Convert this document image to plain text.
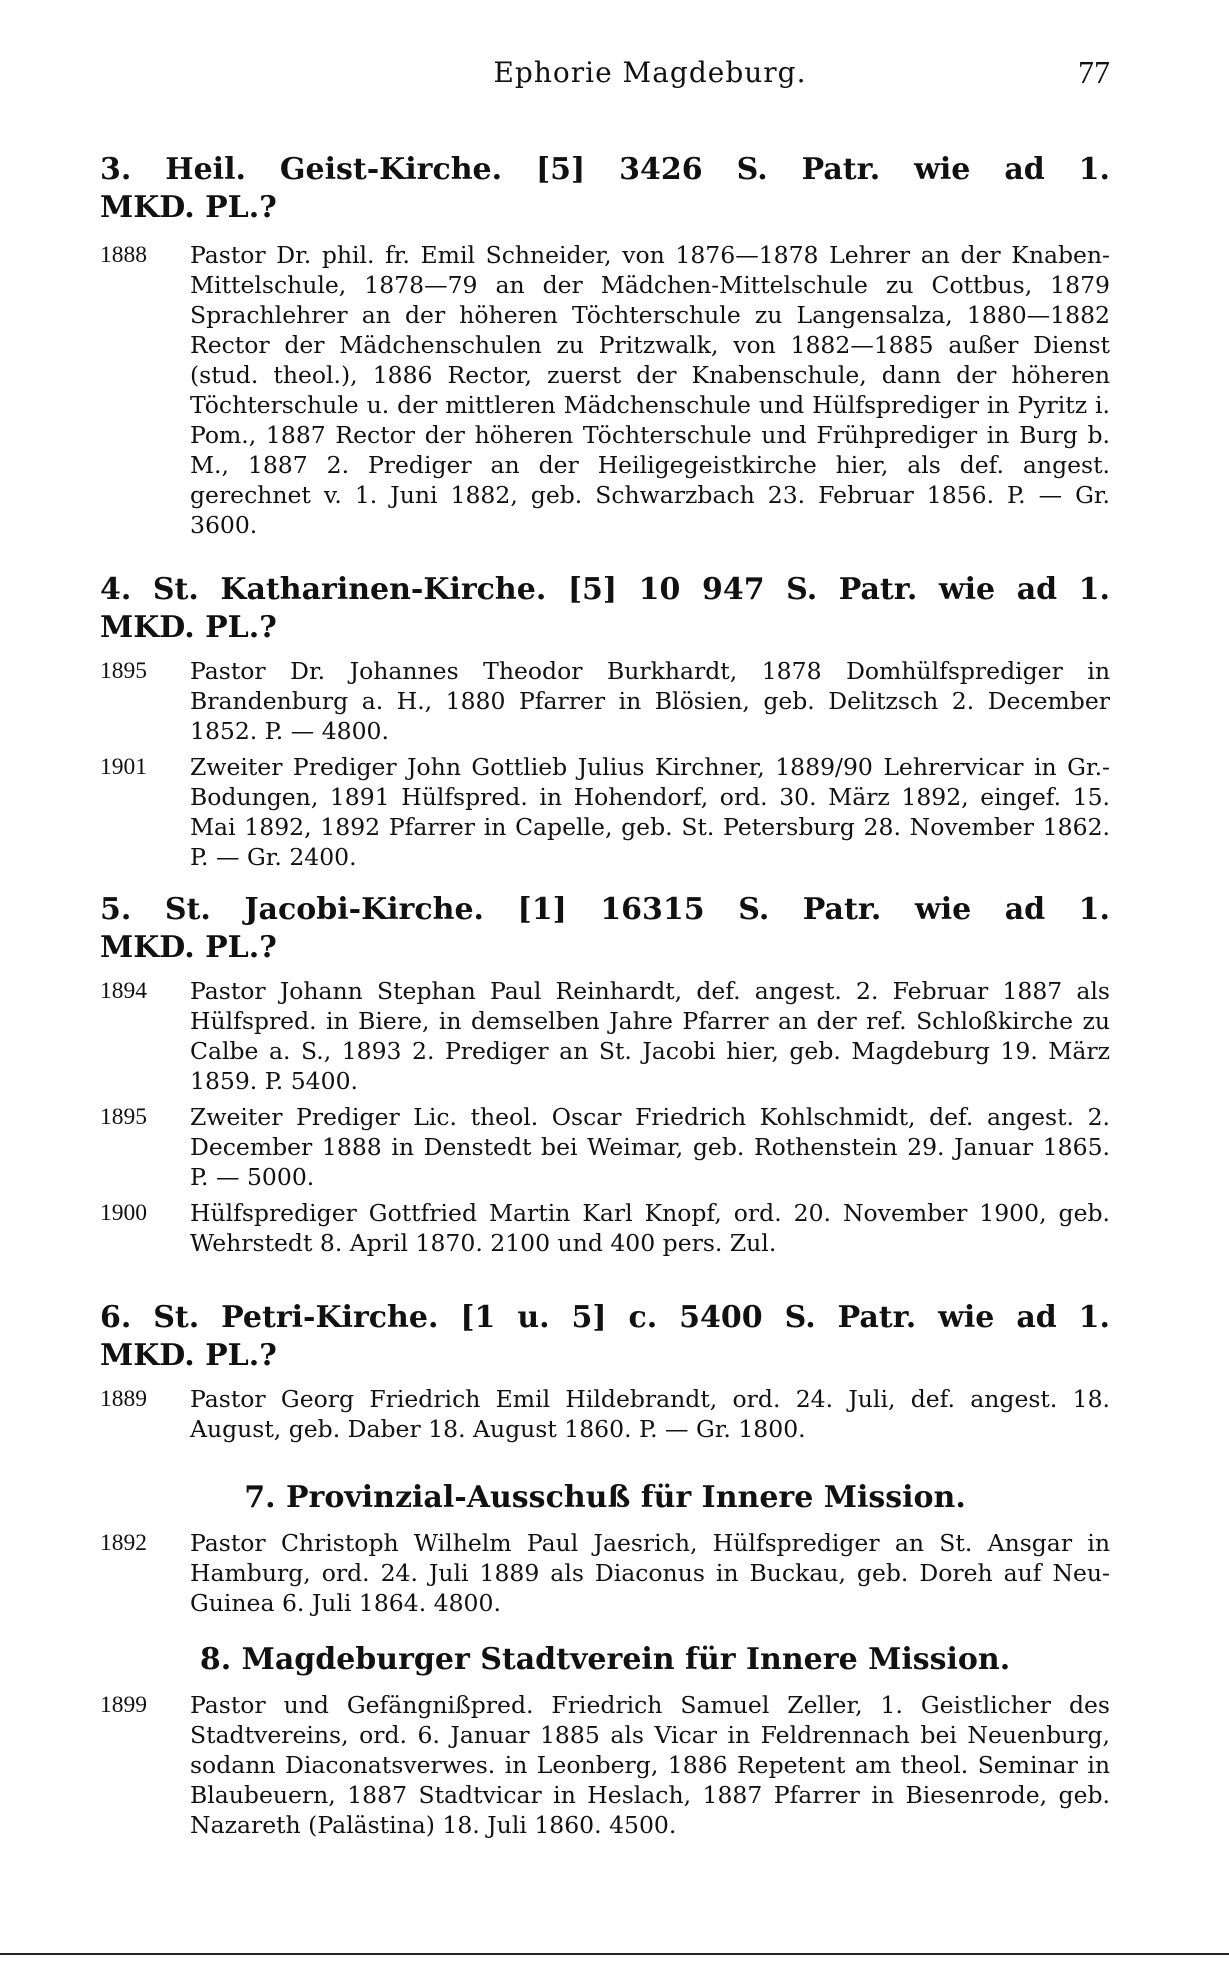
Ephorie Magdeburg.	77
3. Heil. Geist-Kirche. [5] 3426 S. Patr. wie ad 1.
MKD. PL.?
1888	Pastor Dr. phil. fr. Emil Schneider, von 1876—1878 Lehrer an der Knaben-Mittelschule, 1878—79 an der Mädchen-Mittelschule zu Cottbus, 1879 Sprachlehrer an der höheren Töchterschule zu Langensalza, 1880—1882 Rector der Mädchenschulen zu Pritzwalk, von 1882—1885 außer Dienst (stud. theol.), 1886 Rector, zuerst der Knabenschule, dann der höheren Töchterschule u. der mittleren Mädchenschule und Hülfsprediger in Pyritz i. Pom., 1887 Rector der höheren Töchterschule und Frühprediger in Burg b. M., 1887 2. Prediger an der Heiligegeistkirche hier, als def. angest. gerechnet v. 1. Juni 1882, geb. Schwarzbach 23. Februar 1856. P. — Gr. 3600.
4. St. Katharinen-Kirche. [5] 10 947 S. Patr. wie ad 1.
MKD. PL.?
1895	Pastor Dr. Johannes Theodor Burkhardt, 1878 Domhülfsprediger in Brandenburg a. H., 1880 Pfarrer in Blösien, geb. Delitzsch 2. December 1852. P. — 4800.
1901	Zweiter Prediger John Gottlieb Julius Kirchner, 1889/90 Lehrervicar in Gr.-Bodungen, 1891 Hülfspred. in Hohendorf, ord. 30. März 1892, eingef. 15. Mai 1892, 1892 Pfarrer in Capelle, geb. St. Petersburg 28. November 1862. P. — Gr. 2400.
5. St. Jacobi-Kirche. [1] 16315 S. Patr. wie ad 1.
MKD. PL.?
1894	Pastor Johann Stephan Paul Reinhardt, def. angest. 2. Februar 1887 als Hülfspred. in Biere, in demselben Jahre Pfarrer an der ref. Schloßkirche zu Calbe a. S., 1893 2. Prediger an St. Jacobi hier, geb. Magdeburg 19. März 1859. P. 5400.
1895	Zweiter Prediger Lic. theol. Oscar Friedrich Kohlschmidt, def. angest. 2. December 1888 in Denstedt bei Weimar, geb. Rothenstein 29. Januar 1865. P. — 5000.
1900	Hülfsprediger Gottfried Martin Karl Knopf, ord. 20. November 1900, geb. Wehrstedt 8. April 1870. 2100 und 400 pers. Zul.
6. St. Petri-Kirche. [1 u. 5] c. 5400 S. Patr. wie ad 1.
MKD. PL.?
1889	Pastor Georg Friedrich Emil Hildebrandt, ord. 24. Juli, def. angest. 18. August, geb. Daber 18. August 1860. P. — Gr. 1800.
7. Provinzial-Ausschuß für Innere Mission.
1892	Pastor Christoph Wilhelm Paul Jaesrich, Hülfsprediger an St. Ansgar in Hamburg, ord. 24. Juli 1889 als Diaconus in Buckau, geb. Doreh auf Neu-Guinea 6. Juli 1864. 4800.
8. Magdeburger Stadtverein für Innere Mission.
1899	Pastor und Gefängnißpred. Friedrich Samuel Zeller, 1. Geistlicher des Stadtvereins, ord. 6. Januar 1885 als Vicar in Feldrennach bei Neuenburg, sodann Diaconatsverwes. in Leonberg, 1886 Repetent am theol. Seminar in Blaubeuern, 1887 Stadtvicar in Heslach, 1887 Pfarrer in Biesenrode, geb. Nazareth (Palästina) 18. Juli 1860. 4500.
